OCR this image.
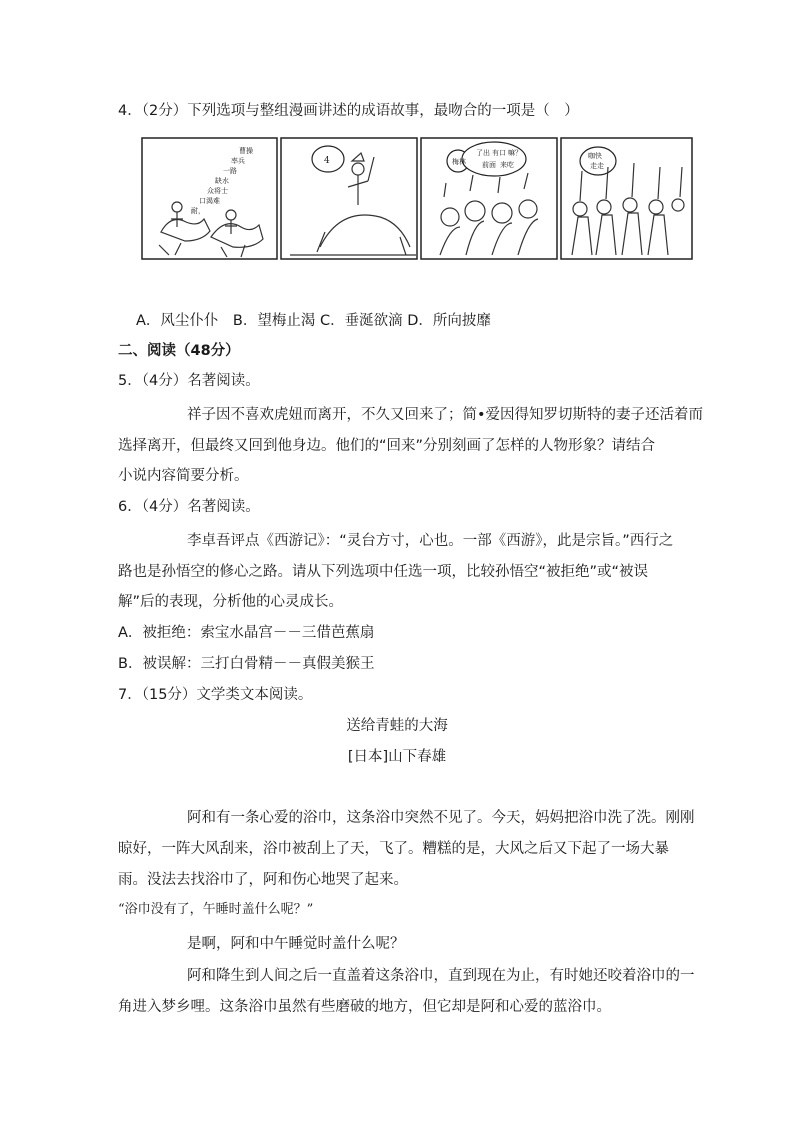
4．（2分）下列选项与整组漫画讲述的成语故事，最吻合的一项是（　）
曹操
率兵
一路
缺水
众将士
口渴难
耐，
4	梅林
了出 有口 嘛？
前面 来吃
咖快
走走
A．风尘仆仆　B．望梅止渴 C．垂涎欲滴 D．所向披靡
二、阅读（48分）
5．（4分）名著阅读。
祥子因不喜欢虎妞而离开，不久又回来了；简•爱因得知罗切斯特的妻子还活着而
选择离开，但最终又回到他身边。他们的“回来”分别刻画了怎样的人物形象？请结合
小说内容简要分析。
6．（4分）名著阅读。
李卓吾评点《西游记》：“灵台方寸，心也。一部《西游》，此是宗旨。”西行之
路也是孙悟空的修心之路。请从下列选项中任选一项，比较孙悟空“被拒绝”或“被误
解”后的表现，分析他的心灵成长。
A．被拒绝：索宝水晶宫－－三借芭蕉扇
B．被误解：三打白骨精－－真假美猴王
7．（15分）文学类文本阅读。
送给青蛙的大海
[日本]山下春雄
阿和有一条心爱的浴巾，这条浴巾突然不见了。今天，妈妈把浴巾洗了洗。刚刚
晾好，一阵大风刮来，浴巾被刮上了天，飞了。糟糕的是，大风之后又下起了一场大暴
雨。没法去找浴巾了，阿和伤心地哭了起来。
“浴巾没有了，午睡时盖什么呢？”
是啊，阿和中午睡觉时盖什么呢？
阿和降生到人间之后一直盖着这条浴巾，直到现在为止，有时她还咬着浴巾的一
角进入梦乡哩。这条浴巾虽然有些磨破的地方，但它却是阿和心爱的蓝浴巾。
